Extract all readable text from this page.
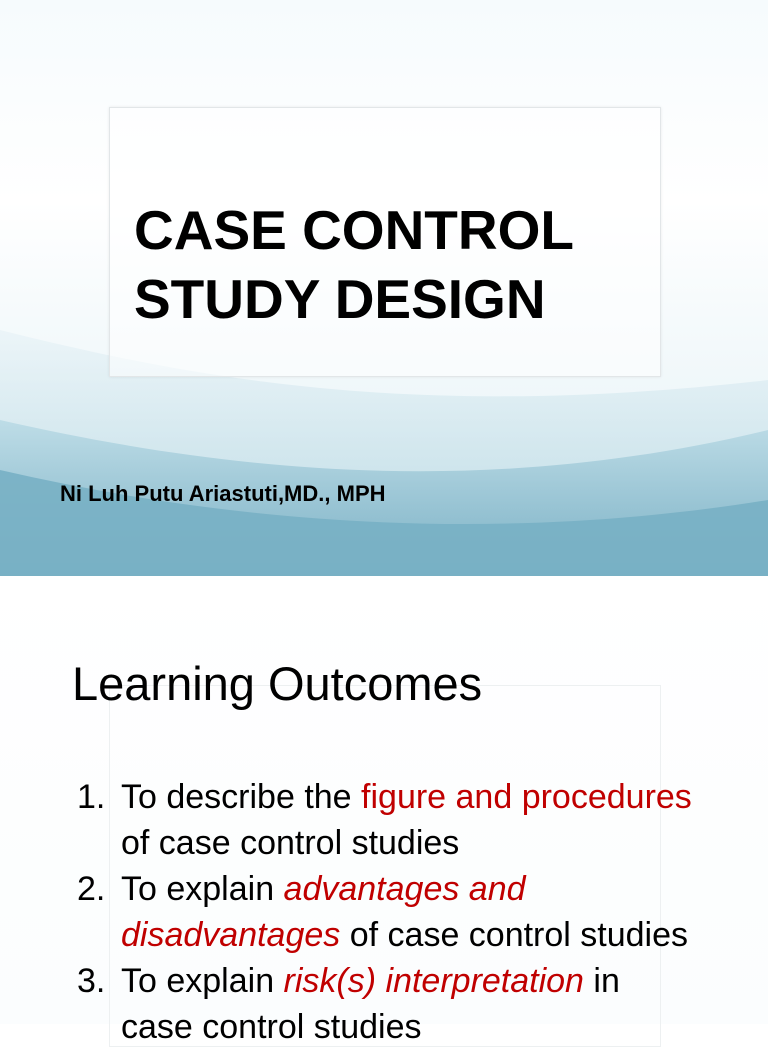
CASE CONTROL
STUDY DESIGN
Ni Luh Putu Ariastuti,MD., MPH
Learning Outcomes
1. To describe the figure and procedures
of case control studies
2. To explain advantages and
disadvantages of case control studies
3. To explain risk(s) interpretation in
case control studies
